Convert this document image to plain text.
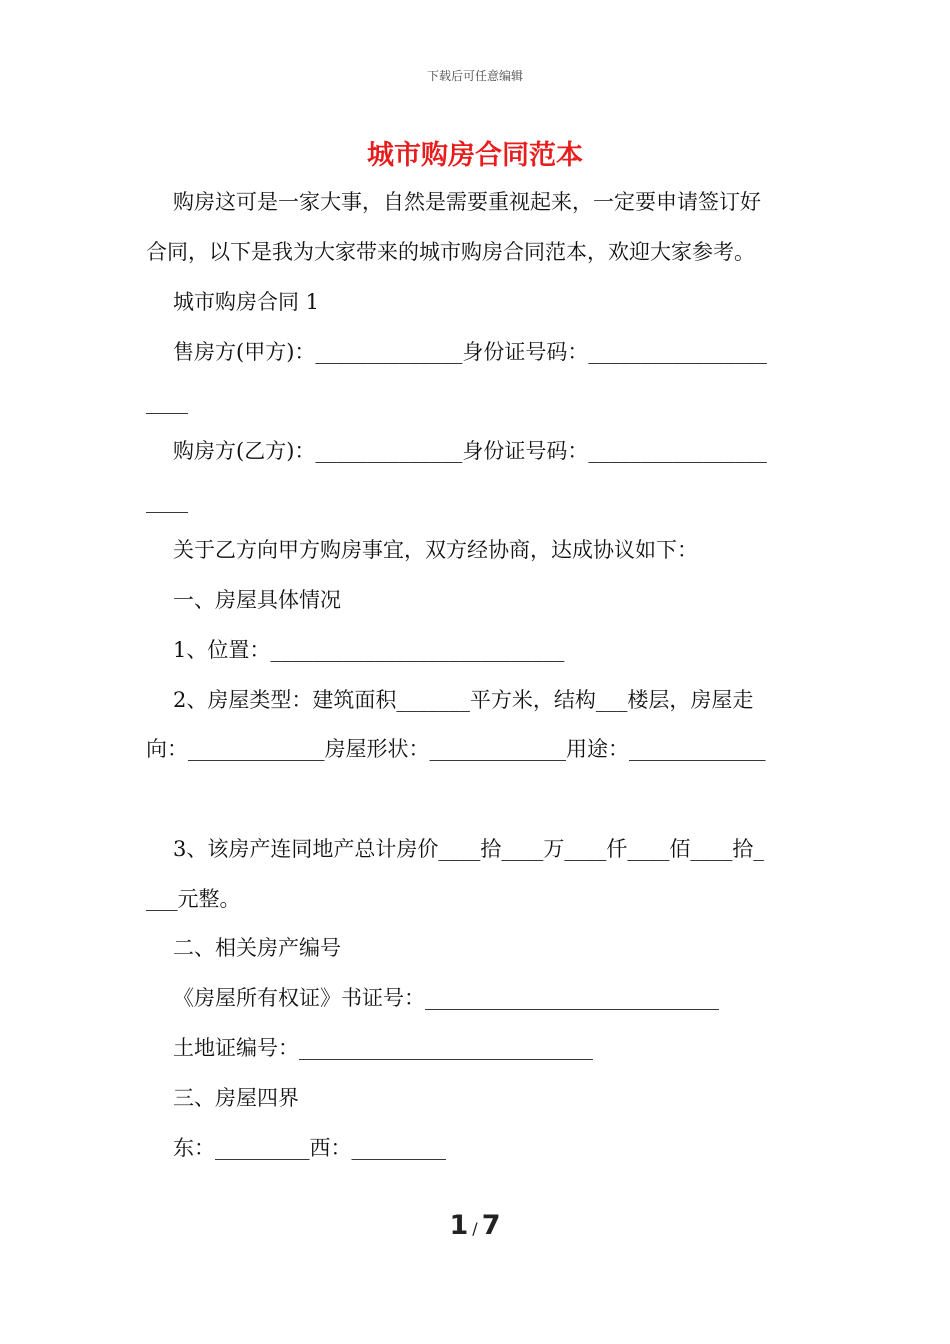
下载后可任意编辑
城市购房合同范本
购房这可是一家大事，自然是需要重视起来，一定要申请签订好
合同，以下是我为大家带来的城市购房合同范本，欢迎大家参考。
城市购房合同 1
售房方(甲方)：______________身份证号码：_________________
____
购房方(乙方)：______________身份证号码：_________________
____
关于乙方向甲方购房事宜，双方经协商，达成协议如下：
一、房屋具体情况
1、位置：____________________________
2、房屋类型：建筑面积_______平方米，结构___楼层，房屋走
向：_____________房屋形状：_____________用途：_____________
3、该房产连同地产总计房价____拾____万____仟____佰____拾_
___元整。
二、相关房产编号
《房屋所有权证》书证号：____________________________
土地证编号：____________________________
三、房屋四界
东：_________西：_________
1 / 7
